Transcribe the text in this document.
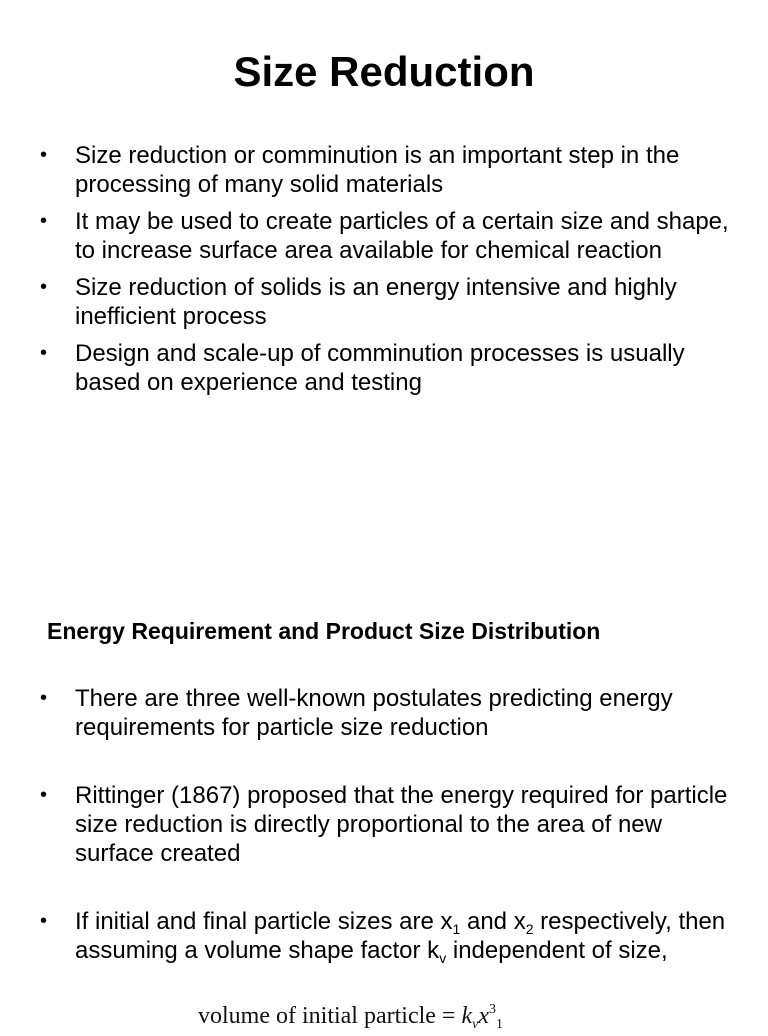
Size Reduction
•	Size reduction or comminution is an important step in the processing of many solid materials
•	It may be used to create particles of a certain size and shape, to increase surface area available for chemical reaction
•	Size reduction of solids is an energy intensive and highly inefficient process
•	Design and scale-up of comminution processes is usually based on experience and testing
Energy Requirement and Product Size Distribution
•	There are three well-known postulates predicting energy requirements for particle size reduction
•	Rittinger (1867) proposed that the energy required for particle size reduction is directly proportional to the area of new surface created
•	If initial and final particle sizes are $x_1$ and $x_2$ respectively, then assuming a volume shape factor $k_v$ independent of size,
volume of initial particle = $k_vx^3_1$
